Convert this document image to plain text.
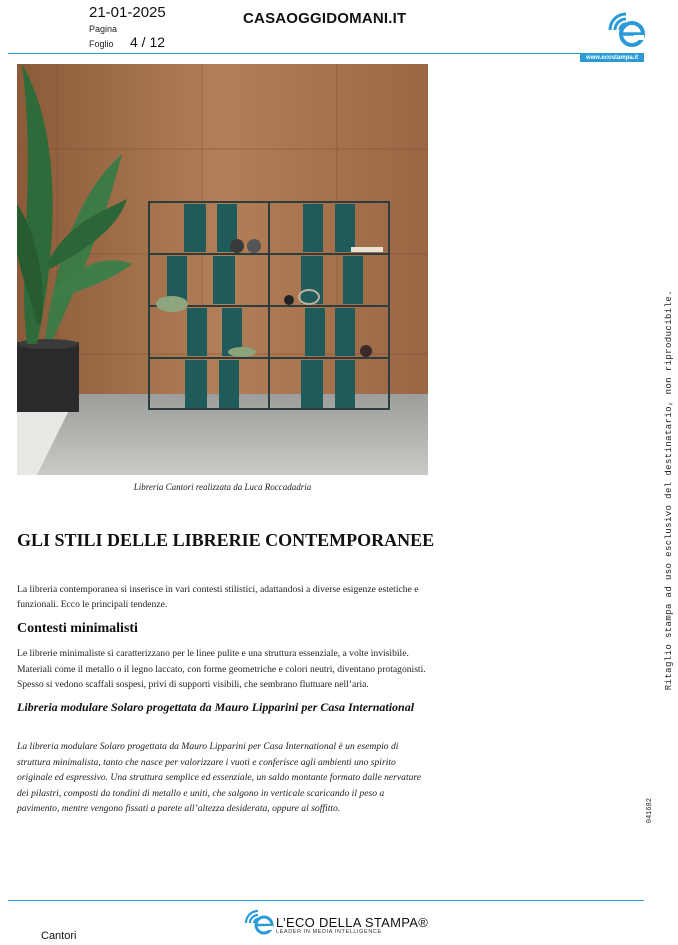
21-01-2025
Pagina
Foglio 4 / 12
CASAOGGIDOMANI.IT
www.ecostampa.it
Libreria Cantori realizzata da Luca Roccadadria
GLI STILI DELLE LIBRERIE CONTEMPORANEE

La libreria contemporanea si inserisce in vari contesti stilistici, adattandosi a diverse esigenze estetiche e funzionali. Ecco le principali tendenze.

Contesti minimalisti

Le librerie minimaliste si caratterizzano per le linee pulite e una struttura essenziale, a volte invisibile. Materiali come il metallo o il legno laccato, con forme geometriche e colori neutri, diventano protagonisti. Spesso si vedono scaffali sospesi, privi di supporti visibili, che sembrano fluttuare nell’aria.

Libreria modulare Solaro progettata da Mauro Lipparini per Casa International

La libreria modulare Solaro progettata da Mauro Lipparini per Casa International è un esempio di struttura minimalista, tanto che nasce per valorizzare i vuoti e conferisce agli ambienti uno spirito originale ed espressivo. Una struttura semplice ed essenziale, un saldo montante formato dalle nervature dei pilastri, composti da tondini di metallo e uniti, che salgono in verticale scaricando il peso a pavimento, mentre vengono fissati a parete all’altezza desiderata, oppure al soffitto.

Ritaglio stampa ad uso esclusivo del destinatario, non riproducibile.
041682
L’ECO DELLA STAMPA®
LEADER IN MEDIA INTELLIGENCE
Cantori
